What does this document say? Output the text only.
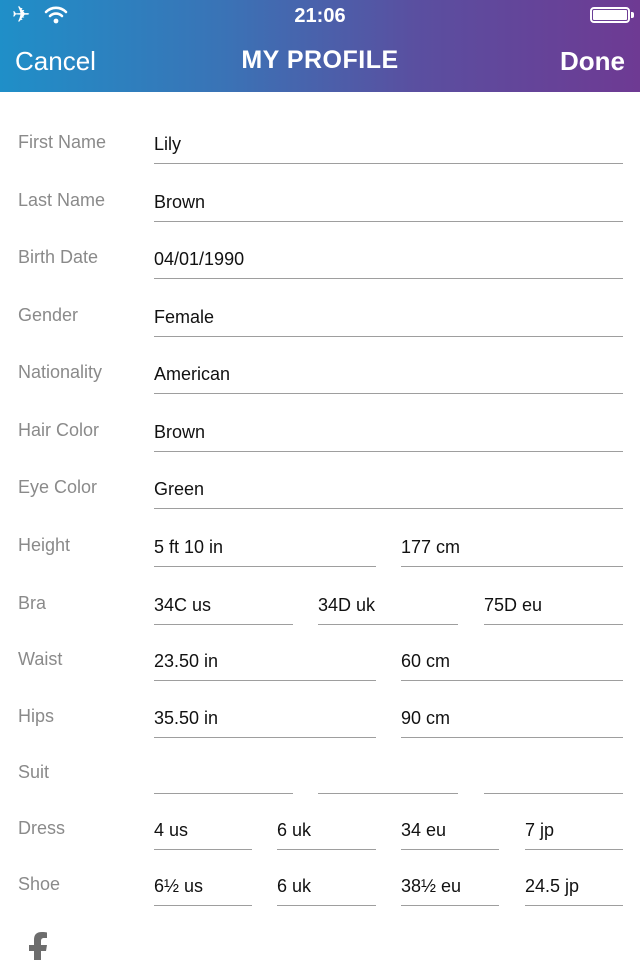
✈	21:06
Cancel	MY PROFILE	Done
First Name	Lily
Last Name	Brown
Birth Date	04/01/1990
Gender	Female
Nationality	American
Hair Color	Brown
Eye Color	Green
Height	5 ft 10 in	177 cm
Bra	34C us	34D uk	75D eu
Waist	23.50 in	60 cm
Hips	35.50 in	90 cm
Suit
Dress	4 us	6 uk	34 eu	7 jp
Shoe	6½ us	6 uk	38½ eu	24.5 jp
